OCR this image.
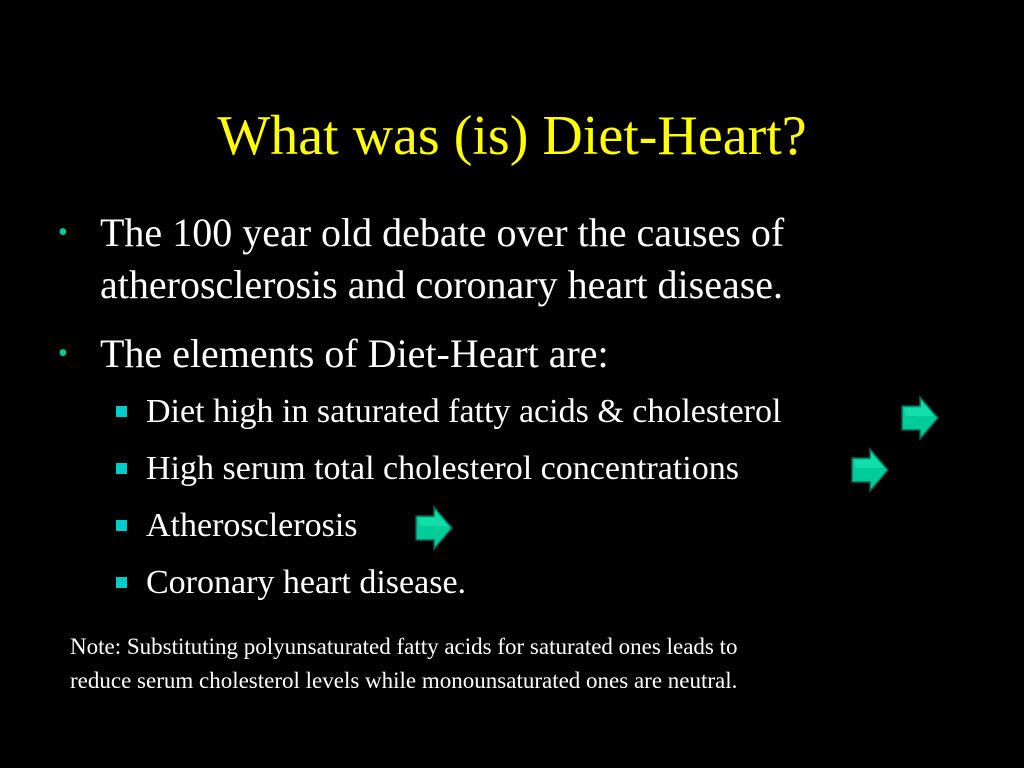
What was (is) Diet-Heart?
• The 100 year old debate over the causes of atherosclerosis and coronary heart disease.
• The elements of Diet-Heart are:
Diet high in saturated fatty acids & cholesterol
High serum total cholesterol concentrations
Atherosclerosis
Coronary heart disease.
Note: Substituting polyunsaturated fatty acids for saturated ones leads to
reduce serum cholesterol levels while monounsaturated ones are neutral.
